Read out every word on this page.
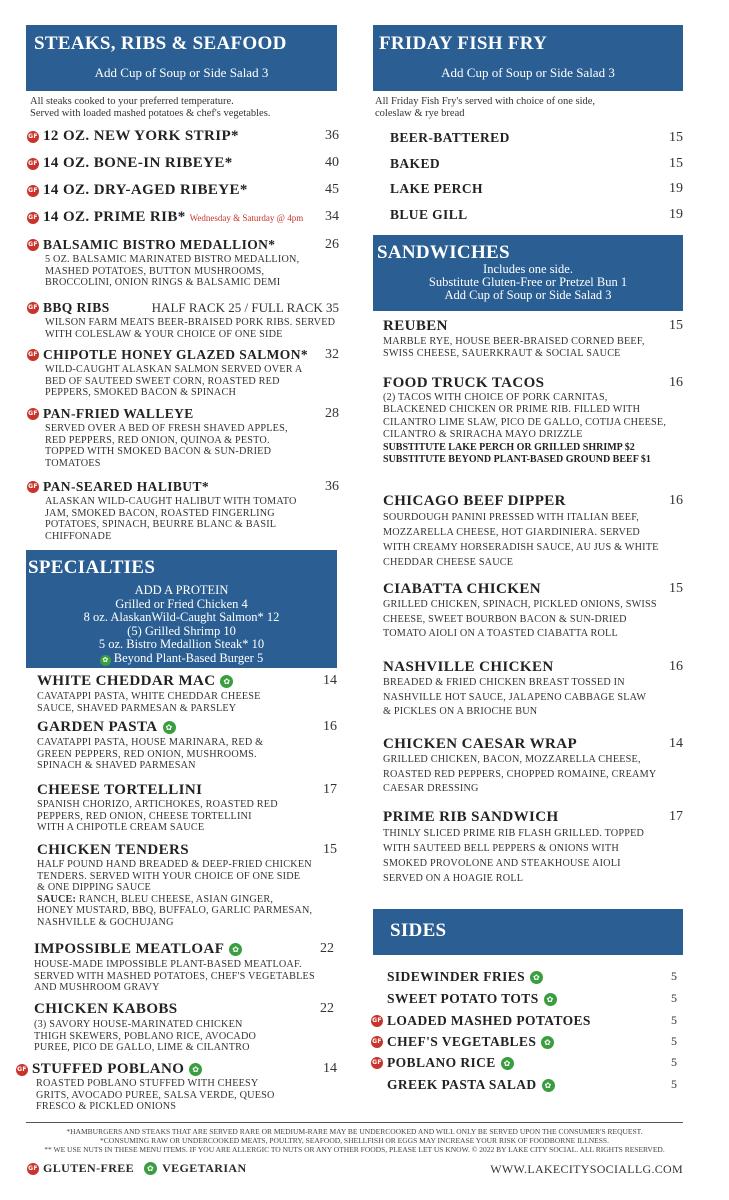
STEAKS, RIBS & SEAFOOD
Add Cup of Soup or Side Salad 3
All steaks cooked to your preferred temperature.
Served with loaded mashed potatoes & chef's vegetables.
GF 12 OZ. NEW YORK STRIP*	36
GF 14 OZ. BONE-IN RIBEYE*	40
GF 14 OZ. DRY-AGED RIBEYE*	45
GF 14 OZ. PRIME RIB* Wednesday & Saturday @ 4pm 34
GF BALSAMIC BISTRO MEDALLION*	26
5 OZ. BALSAMIC MARINATED BISTRO MEDALLION,
MASHED POTATOES, BUTTON MUSHROOMS,
BROCCOLINI, ONION RINGS & BALSAMIC DEMI
GF BBQ RIBS	HALF RACK 25 / FULL RACK 35
WILSON FARM MEATS BEER-BRAISED PORK RIBS. SERVED
WITH COLESLAW & YOUR CHOICE OF ONE SIDE
GF CHIPOTLE HONEY GLAZED SALMON* 32
WILD-CAUGHT ALASKAN SALMON SERVED OVER A
BED OF SAUTEED SWEET CORN, ROASTED RED
PEPPERS, SMOKED BACON & SPINACH
GF PAN-FRIED WALLEYE	28
SERVED OVER A BED OF FRESH SHAVED APPLES,
RED PEPPERS, RED ONION, QUINOA & PESTO.
TOPPED WITH SMOKED BACON & SUN-DRIED
TOMATOES
GF PAN-SEARED HALIBUT*	36
ALASKAN WILD-CAUGHT HALIBUT WITH TOMATO
JAM, SMOKED BACON, ROASTED FINGERLING
POTATOES, SPINACH, BEURRE BLANC & BASIL
CHIFFONADE
SPECIALTIES
ADD A PROTEIN
Grilled or Fried Chicken 4
8 oz. AlaskanWild-Caught Salmon* 12
(5) Grilled Shrimp 10
5 oz. Bistro Medallion Steak* 10
✿ Beyond Plant-Based Burger 5
WHITE CHEDDAR MAC ✿	14
CAVATAPPI PASTA, WHITE CHEDDAR CHEESE
SAUCE, SHAVED PARMESAN & PARSLEY
GARDEN PASTA ✿	16
CAVATAPPI PASTA, HOUSE MARINARA, RED &
GREEN PEPPERS, RED ONION, MUSHROOMS.
SPINACH & SHAVED PARMESAN
CHEESE TORTELLINI	17
SPANISH CHORIZO, ARTICHOKES, ROASTED RED
PEPPERS, RED ONION, CHEESE TORTELLINI
WITH A CHIPOTLE CREAM SAUCE
CHICKEN TENDERS	15
HALF POUND HAND BREADED & DEEP-FRIED CHICKEN
TENDERS. SERVED WITH YOUR CHOICE OF ONE SIDE
& ONE DIPPING SAUCE
SAUCE: RANCH, BLEU CHEESE, ASIAN GINGER,
HONEY MUSTARD, BBQ, BUFFALO, GARLIC PARMESAN,
NASHVILLE & GOCHUJANG
IMPOSSIBLE MEATLOAF ✿	22
HOUSE-MADE IMPOSSIBLE PLANT-BASED MEATLOAF.
SERVED WITH MASHED POTATOES, CHEF'S VEGETABLES
AND MUSHROOM GRAVY
CHICKEN KABOBS	22
(3) SAVORY HOUSE-MARINATED CHICKEN
THIGH SKEWERS, POBLANO RICE, AVOCADO
PUREE, PICO DE GALLO, LIME & CILANTRO
GF STUFFED POBLANO ✿	14
ROASTED POBLANO STUFFED WITH CHEESY
GRITS, AVOCADO PUREE, SALSA VERDE, QUESO
FRESCO & PICKLED ONIONS
FRIDAY FISH FRY
Add Cup of Soup or Side Salad 3
All Friday Fish Fry's served with choice of one side,
coleslaw & rye bread
BEER-BATTERED	15
BAKED	15
LAKE PERCH	19
BLUE GILL	19
SANDWICHES
Includes one side.
Substitute Gluten-Free or Pretzel Bun 1
Add Cup of Soup or Side Salad 3
REUBEN	15
MARBLE RYE, HOUSE BEER-BRAISED CORNED BEEF,
SWISS CHEESE, SAUERKRAUT & SOCIAL SAUCE
FOOD TRUCK TACOS	16
(2) TACOS WITH CHOICE OF PORK CARNITAS,
BLACKENED CHICKEN OR PRIME RIB. FILLED WITH
CILANTRO LIME SLAW, PICO DE GALLO, COTIJA CHEESE,
CILANTRO & SRIRACHA MAYO DRIZZLE
SUBSTITUTE LAKE PERCH OR GRILLED SHRIMP $2
SUBSTITUTE BEYOND PLANT-BASED GROUND BEEF $1
CHICAGO BEEF DIPPER	16
SOURDOUGH PANINI PRESSED WITH ITALIAN BEEF,
MOZZARELLA CHEESE, HOT GIARDINIERA. SERVED
WITH CREAMY HORSERADISH SAUCE, AU JUS & WHITE
CHEDDAR CHEESE SAUCE
CIABATTA CHICKEN	15
GRILLED CHICKEN, SPINACH, PICKLED ONIONS, SWISS
CHEESE, SWEET BOURBON BACON & SUN-DRIED
TOMATO AIOLI ON A TOASTED CIABATTA ROLL
NASHVILLE CHICKEN	16
BREADED & FRIED CHICKEN BREAST TOSSED IN
NASHVILLE HOT SAUCE, JALAPENO CABBAGE SLAW
& PICKLES ON A BRIOCHE BUN
CHICKEN CAESAR WRAP	14
GRILLED CHICKEN, BACON, MOZZARELLA CHEESE,
ROASTED RED PEPPERS, CHOPPED ROMAINE, CREAMY
CAESAR DRESSING
PRIME RIB SANDWICH	17
THINLY SLICED PRIME RIB FLASH GRILLED. TOPPED
WITH SAUTEED BELL PEPPERS & ONIONS WITH
SMOKED PROVOLONE AND STEAKHOUSE AIOLI
SERVED ON A HOAGIE ROLL
SIDES
SIDEWINDER FRIES ✿	5
SWEET POTATO TOTS ✿	5
GF LOADED MASHED POTATOES	5
GF CHEF'S VEGETABLES ✿	5
GF POBLANO RICE ✿	5
GREEK PASTA SALAD ✿	5
*HAMBURGERS AND STEAKS THAT ARE SERVED RARE OR MEDIUM-RARE MAY BE UNDERCOOKED AND WILL ONLY BE SERVED UPON THE CONSUMER'S REQUEST.
*CONSUMING RAW OR UNDERCOOKED MEATS, POULTRY, SEAFOOD, SHELLFISH OR EGGS MAY INCREASE YOUR RISK OF FOODBORNE ILLNESS.
** WE USE NUTS IN THESE MENU ITEMS. IF YOU ARE ALLERGIC TO NUTS OR ANY OTHER FOODS, PLEASE LET US KNOW. © 2022 BY LAKE CITY SOCIAL. ALL RIGHTS RESERVED.
GF GLUTEN-FREE	✿ VEGETARIAN	WWW.LAKECITYSOCIALLG.COM
